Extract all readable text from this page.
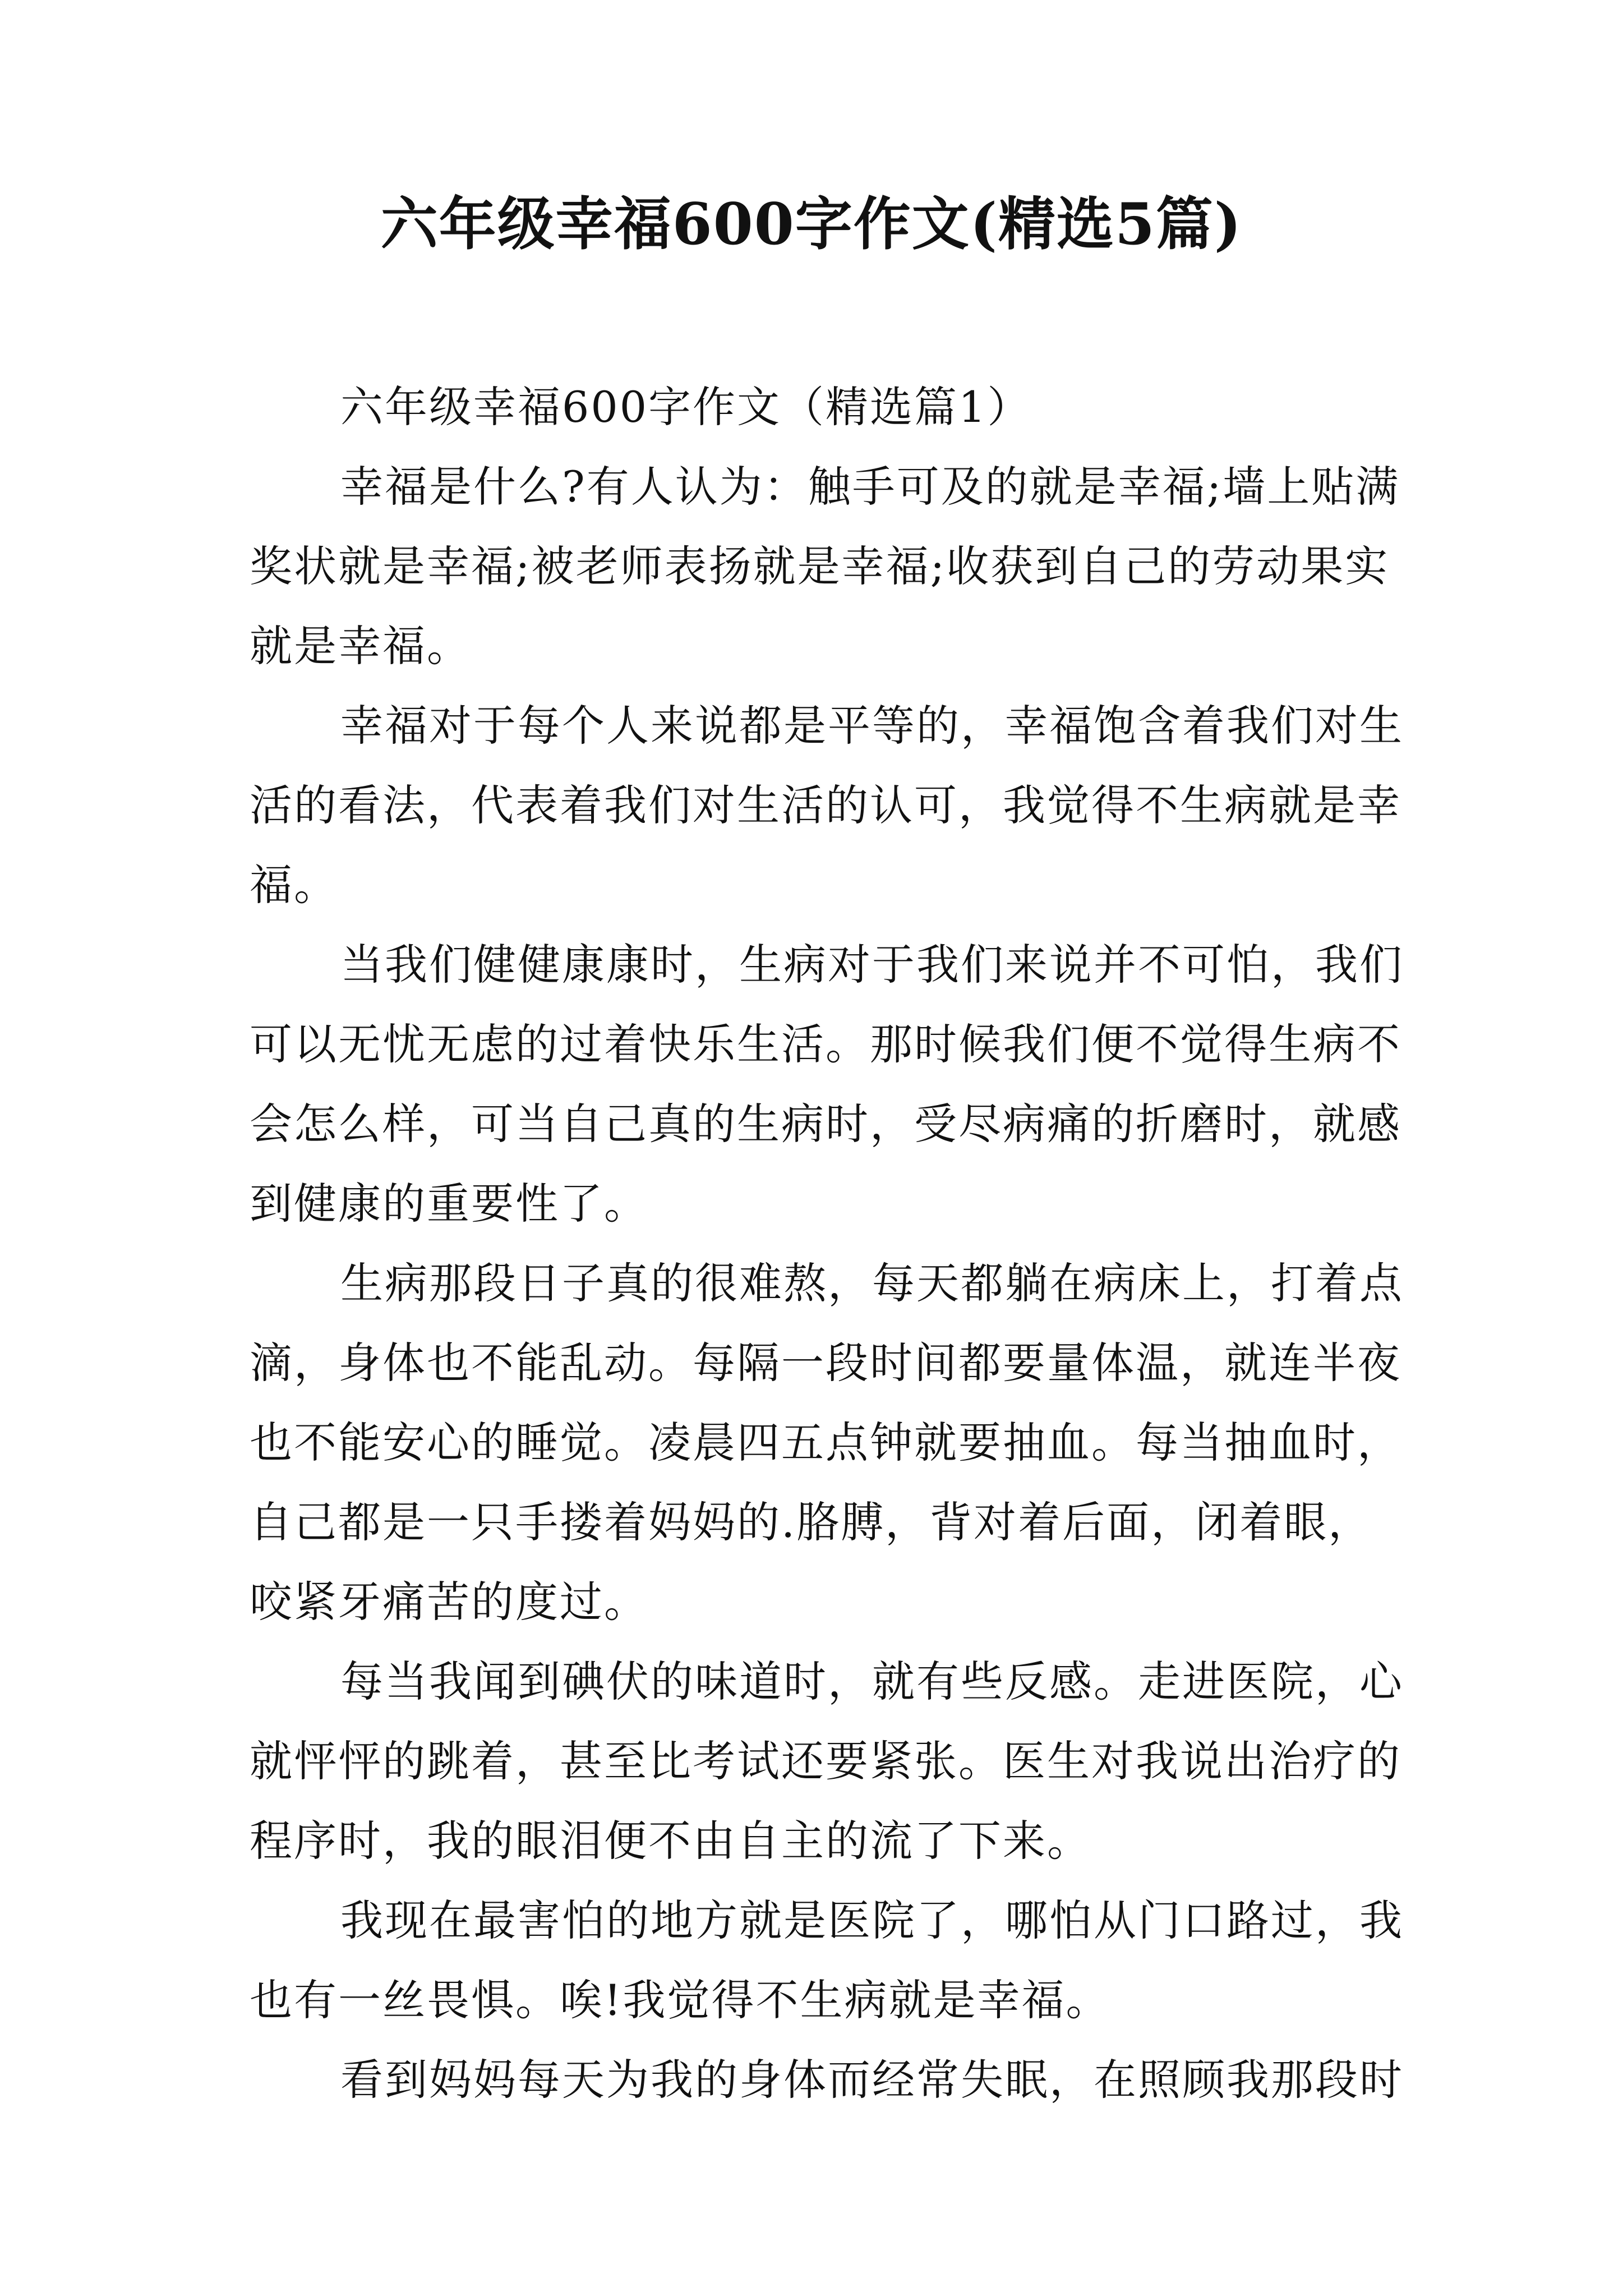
六年级幸福600字作文(精选5篇)
六年级幸福600字作文（精选篇1）
幸福是什么?有人认为：触手可及的就是幸福;墙上贴满
奖状就是幸福;被老师表扬就是幸福;收获到自己的劳动果实
就是幸福。
幸福对于每个人来说都是平等的，幸福饱含着我们对生
活的看法，代表着我们对生活的认可，我觉得不生病就是幸
福。
当我们健健康康时，生病对于我们来说并不可怕，我们
可以无忧无虑的过着快乐生活。那时候我们便不觉得生病不
会怎么样，可当自己真的生病时，受尽病痛的折磨时，就感
到健康的重要性了。
生病那段日子真的很难熬，每天都躺在病床上，打着点
滴，身体也不能乱动。每隔一段时间都要量体温，就连半夜
也不能安心的睡觉。凌晨四五点钟就要抽血。每当抽血时，
自己都是一只手搂着妈妈的.胳膊，背对着后面，闭着眼，
咬紧牙痛苦的度过。
每当我闻到碘伏的味道时，就有些反感。走进医院，心
就怦怦的跳着，甚至比考试还要紧张。医生对我说出治疗的
程序时，我的眼泪便不由自主的流了下来。
我现在最害怕的地方就是医院了，哪怕从门口路过，我
也有一丝畏惧。唉!我觉得不生病就是幸福。
看到妈妈每天为我的身体而经常失眠，在照顾我那段时
